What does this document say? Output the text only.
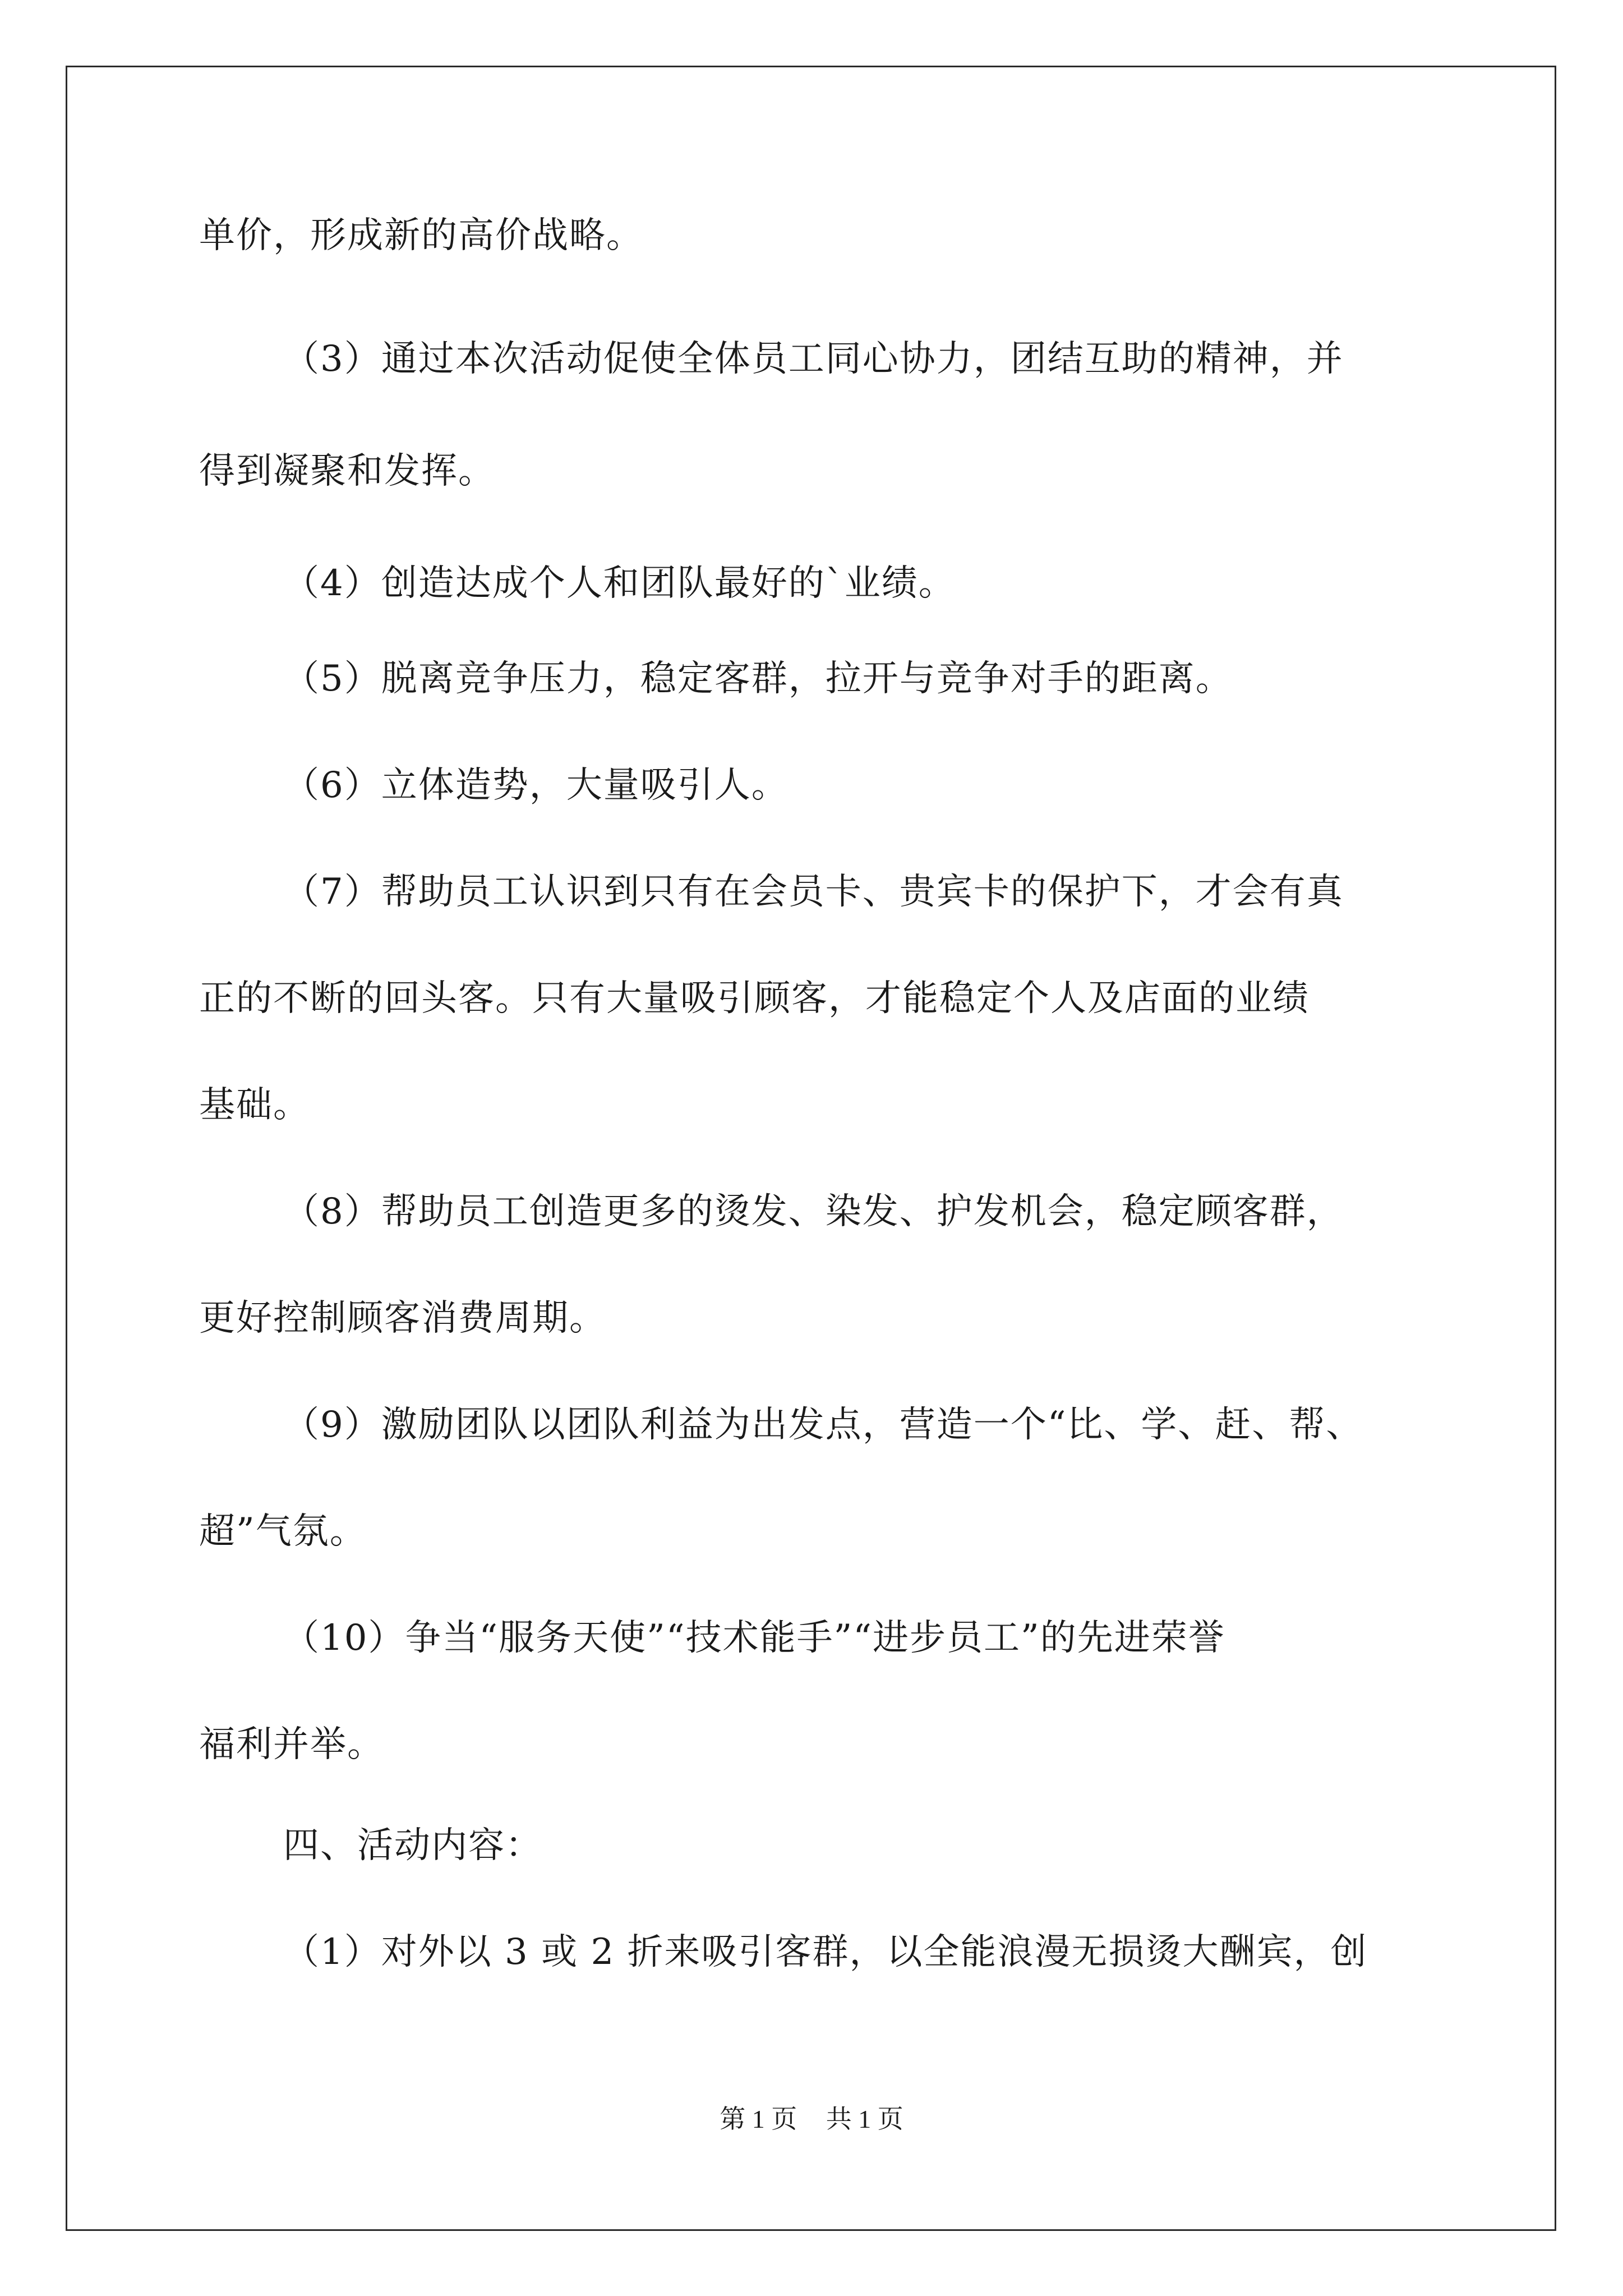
单价，形成新的高价战略。
（3）通过本次活动促使全体员工同心协力，团结互助的精神，并
得到凝聚和发挥。
（4）创造达成个人和团队最好的`业绩。
（5）脱离竞争压力，稳定客群，拉开与竞争对手的距离。
（6）立体造势，大量吸引人。
（7）帮助员工认识到只有在会员卡、贵宾卡的保护下，才会有真
正的不断的回头客。只有大量吸引顾客，才能稳定个人及店面的业绩
基础。
（8）帮助员工创造更多的烫发、染发、护发机会，稳定顾客群，
更好控制顾客消费周期。
（9）激励团队以团队利益为出发点，营造一个“比、学、赶、帮、
超”气氛。
（10）争当“服务天使”“技术能手”“进步员工”的先进荣誉
福利并举。
四、活动内容：
（1）对外以 3 或 2 折来吸引客群，以全能浪漫无损烫大酬宾，创
第 1 页 共 1 页
